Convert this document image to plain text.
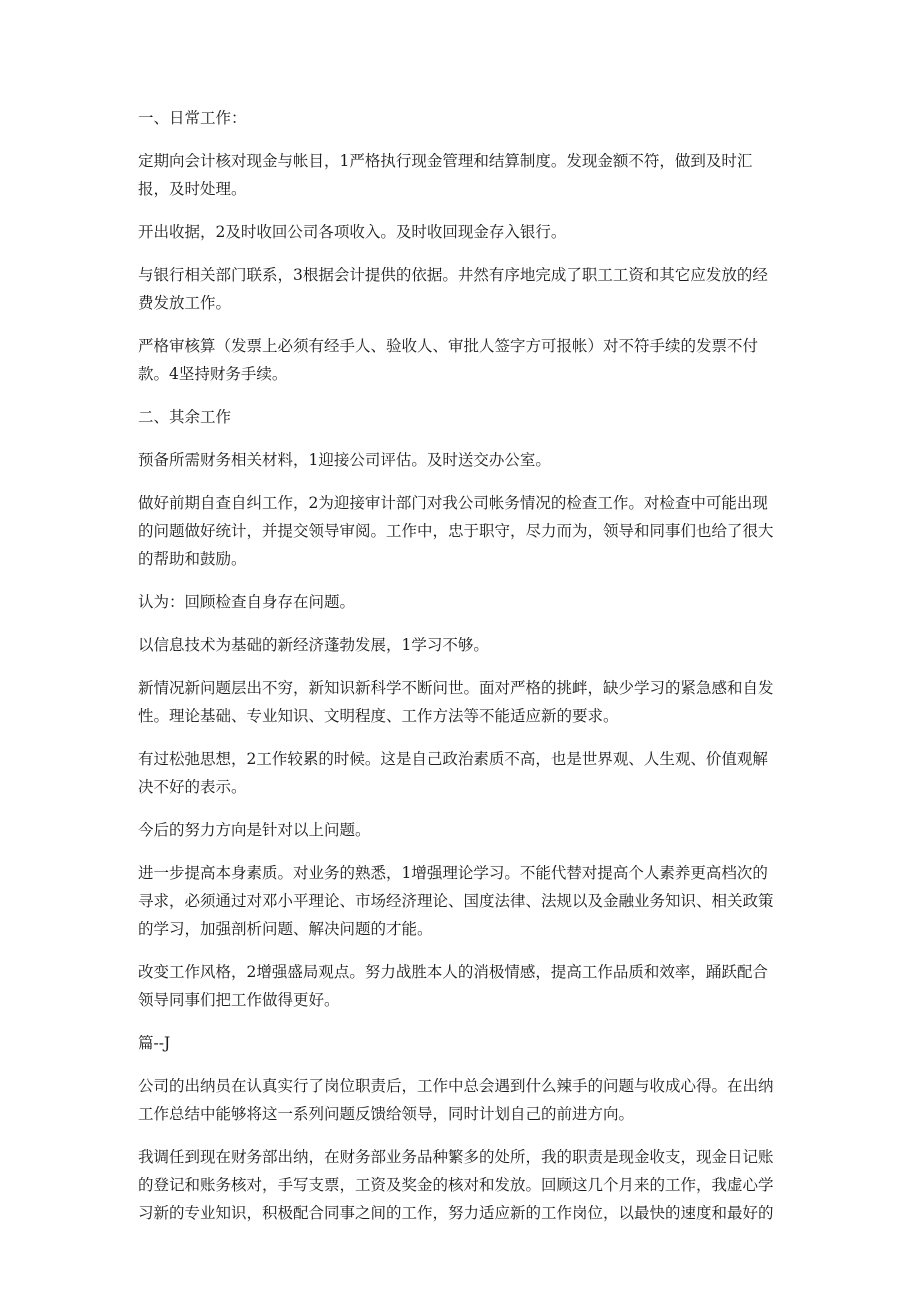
一、日常工作：

定期向会计核对现金与帐目，1严格执行现金管理和结算制度。发现金额不符，做到及时汇报，及时处理。

开出收据，2及时收回公司各项收入。及时收回现金存入银行。

与银行相关部门联系，3根据会计提供的依据。井然有序地完成了职工工资和其它应发放的经费发放工作。

严格审核算（发票上必须有经手人、验收人、审批人签字方可报帐）对不符手续的发票不付款。4坚持财务手续。

二、其余工作

预备所需财务相关材料，1迎接公司评估。及时送交办公室。

做好前期自查自纠工作，2为迎接审计部门对我公司帐务情况的检查工作。对检查中可能出现的问题做好统计，并提交领导审阅。工作中，忠于职守，尽力而为，领导和同事们也给了很大的帮助和鼓励。

认为：回顾检查自身存在问题。

以信息技术为基础的新经济蓬勃发展，1学习不够。

新情况新问题层出不穷，新知识新科学不断问世。面对严格的挑衅，缺少学习的紧急感和自发性。理论基础、专业知识、文明程度、工作方法等不能适应新的要求。

有过松弛思想，2工作较累的时候。这是自己政治素质不高，也是世界观、人生观、价值观解决不好的表示。

今后的努力方向是针对以上问题。

进一步提高本身素质。对业务的熟悉，1增强理论学习。不能代替对提高个人素养更高档次的寻求，必须通过对邓小平理论、市场经济理论、国度法律、法规以及金融业务知识、相关政策的学习，加强剖析问题、解决问题的才能。

改变工作风格，2增强盛局观点。努力战胜本人的消极情感，提高工作品质和效率，踊跃配合领导同事们把工作做得更好。

篇--J

公司的出纳员在认真实行了岗位职责后，工作中总会遇到什么辣手的问题与收成心得。在出纳工作总结中能够将这一系列问题反馈给领导，同时计划自己的前进方向。

我调任到现在财务部出纳，在财务部业务品种繁多的处所，我的职责是现金收支，现金日记账的登记和账务核对，手写支票，工资及奖金的核对和发放。回顾这几个月来的工作，我虚心学习新的专业知识，积极配合同事之间的工作，努力适应新的工作岗位，以最快的速度和最好的
